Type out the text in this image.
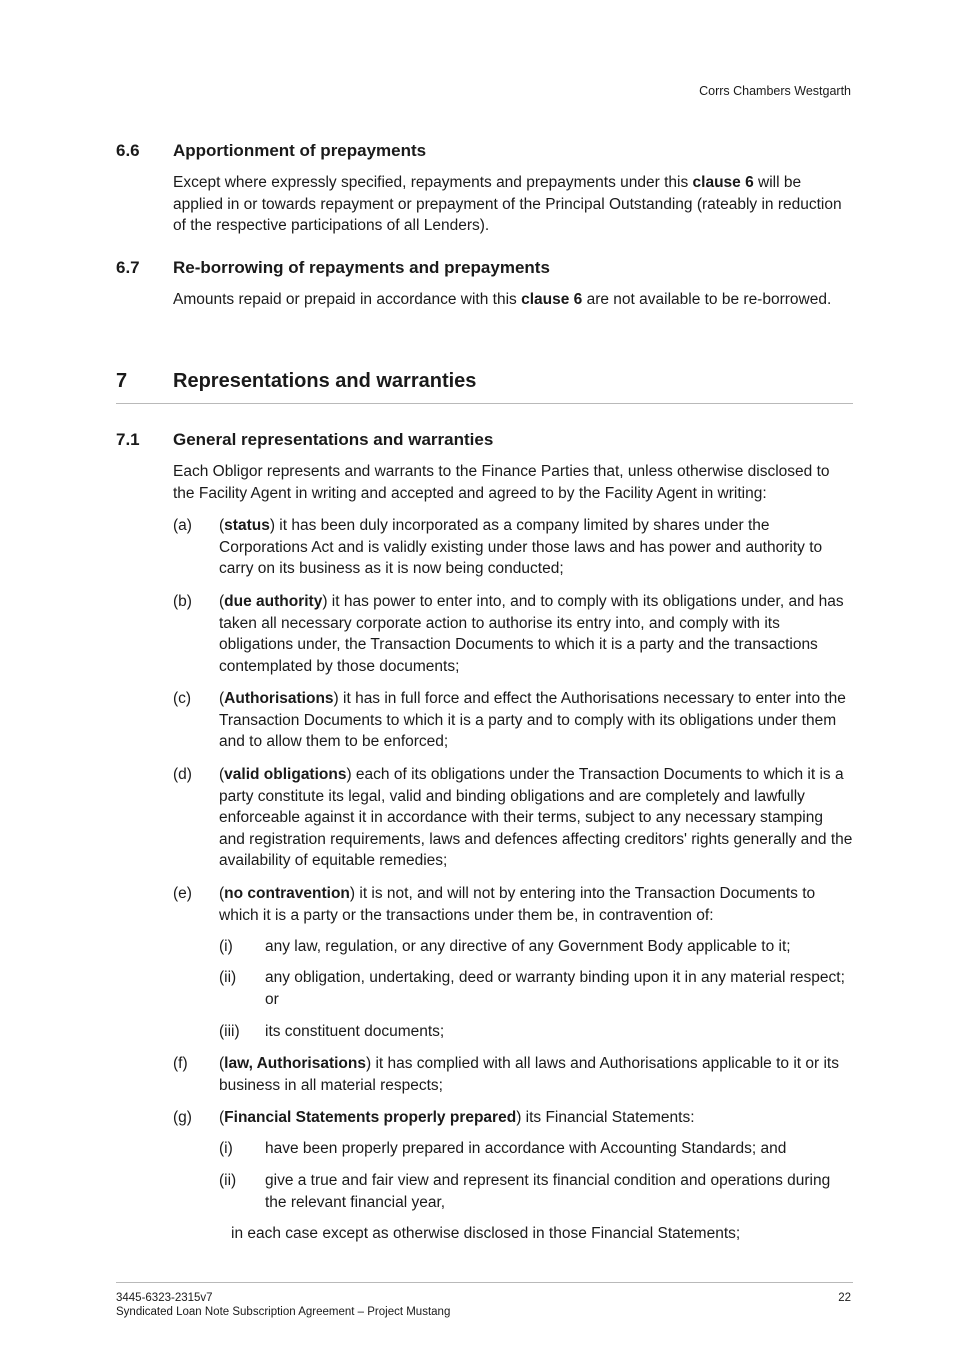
Corrs Chambers Westgarth
6.6 Apportionment of prepayments

Except where expressly specified, repayments and prepayments under this clause 6 will be applied in or towards repayment or prepayment of the Principal Outstanding (rateably in reduction of the respective participations of all Lenders).

6.7 Re-borrowing of repayments and prepayments

Amounts repaid or prepaid in accordance with this clause 6 are not available to be re-borrowed.

7 Representations and warranties
7.1 General representations and warranties

Each Obligor represents and warrants to the Finance Parties that, unless otherwise disclosed to the Facility Agent in writing and accepted and agreed to by the Facility Agent in writing:

(a) (status) it has been duly incorporated as a company limited by shares under the Corporations Act and is validly existing under those laws and has power and authority to carry on its business as it is now being conducted;
(b) (due authority) it has power to enter into, and to comply with its obligations under, and has taken all necessary corporate action to authorise its entry into, and comply with its obligations under, the Transaction Documents to which it is a party and the transactions contemplated by those documents;
(c) (Authorisations) it has in full force and effect the Authorisations necessary to enter into the Transaction Documents to which it is a party and to comply with its obligations under them and to allow them to be enforced;
(d) (valid obligations) each of its obligations under the Transaction Documents to which it is a party constitute its legal, valid and binding obligations and are completely and lawfully enforceable against it in accordance with their terms, subject to any necessary stamping and registration requirements, laws and defences affecting creditors' rights generally and the availability of equitable remedies;
(e) (no contravention) it is not, and will not by entering into the Transaction Documents to which it is a party or the transactions under them be, in contravention of:
(i) any law, regulation, or any directive of any Government Body applicable to it;
(ii) any obligation, undertaking, deed or warranty binding upon it in any material respect; or
(iii) its constituent documents;
(f) (law, Authorisations) it has complied with all laws and Authorisations applicable to it or its business in all material respects;
(g) (Financial Statements properly prepared) its Financial Statements:
(i) have been properly prepared in accordance with Accounting Standards; and
(ii) give a true and fair view and represent its financial condition and operations during the relevant financial year,
in each case except as otherwise disclosed in those Financial Statements;
3445-6323-2315v7
Syndicated Loan Note Subscription Agreement – Project Mustang
22
